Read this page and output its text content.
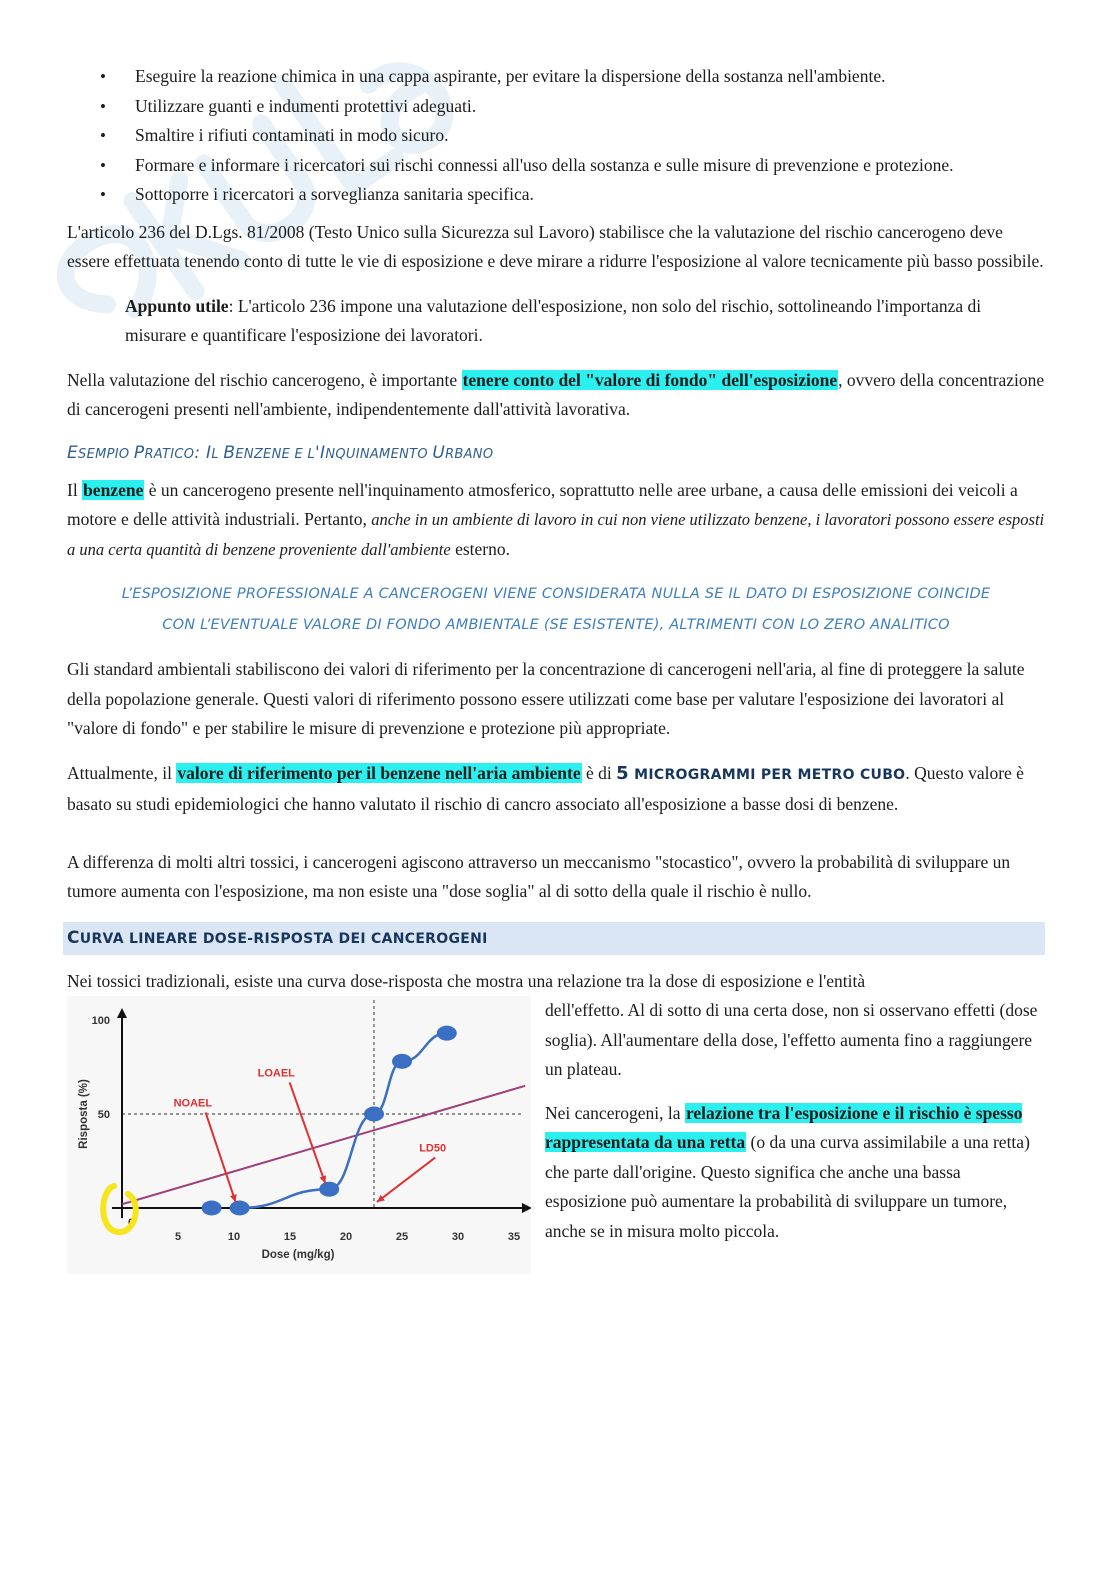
• Eseguire la reazione chimica in una cappa aspirante, per evitare la dispersione della sostanza nell'ambiente.
• Utilizzare guanti e indumenti protettivi adeguati.
• Smaltire i rifiuti contaminati in modo sicuro.
• Formare e informare i ricercatori sui rischi connessi all'uso della sostanza e sulle misure di prevenzione e protezione.
• Sottoporre i ricercatori a sorveglianza sanitaria specifica.

L'articolo 236 del D.Lgs. 81/2008 (Testo Unico sulla Sicurezza sul Lavoro) stabilisce che la valutazione del rischio cancerogeno deve essere effettuata tenendo conto di tutte le vie di esposizione e deve mirare a ridurre l'esposizione al valore tecnicamente più basso possibile.

Appunto utile: L'articolo 236 impone una valutazione dell'esposizione, non solo del rischio, sottolineando l'importanza di misurare e quantificare l'esposizione dei lavoratori.

Nella valutazione del rischio cancerogeno, è importante tenere conto del "valore di fondo" dell'esposizione, ovvero della concentrazione di cancerogeni presenti nell'ambiente, indipendentemente dall'attività lavorativa.

ESEMPIO PRATICO: IL BENZENE E L'INQUINAMENTO URBANO

Il benzene è un cancerogeno presente nell'inquinamento atmosferico, soprattutto nelle aree urbane, a causa delle emissioni dei veicoli a motore e delle attività industriali. Pertanto, anche in un ambiente di lavoro in cui non viene utilizzato benzene, i lavoratori possono essere esposti a una certa quantità di benzene proveniente dall'ambiente esterno.

L’ESPOSIZIONE PROFESSIONALE A CANCEROGENI VIENE CONSIDERATA NULLA SE IL DATO DI ESPOSIZIONE COINCIDE
CON L’EVENTUALE VALORE DI FONDO AMBIENTALE (SE ESISTENTE), ALTRIMENTI CON LO ZERO ANALITICO

Gli standard ambientali stabiliscono dei valori di riferimento per la concentrazione di cancerogeni nell'aria, al fine di proteggere la salute della popolazione generale. Questi valori di riferimento possono essere utilizzati come base per valutare l'esposizione dei lavoratori al "valore di fondo" e per stabilire le misure di prevenzione e protezione più appropriate.

Attualmente, il valore di riferimento per il benzene nell'aria ambiente è di 5 MICROGRAMMI PER METRO CUBO. Questo valore è basato su studi epidemiologici che hanno valutato il rischio di cancro associato all'esposizione a basse dosi di benzene.

A differenza di molti altri tossici, i cancerogeni agiscono attraverso un meccanismo "stocastico", ovvero la probabilità di sviluppare un tumore aumenta con l'esposizione, ma non esiste una "dose soglia" al di sotto della quale il rischio è nullo.

CURVA LINEARE DOSE-RISPOSTA DEI CANCEROGENI
Nei tossici tradizionali, esiste una curva dose-risposta che mostra una relazione tra la dose di esposizione e l'entità
5	10	15	20	25	30	35
100
50
0
NOAEL
LOAEL
LD50
Dose (mg/kg)
Risposta (%)

dell'effetto. Al di sotto di una certa dose, non si osservano effetti (dose soglia). All'aumentare della dose, l'effetto aumenta fino a raggiungere un plateau.

Nei cancerogeni, la relazione tra l'esposizione e il rischio è spesso rappresentata da una retta (o da una curva assimilabile a una retta) che parte dall'origine. Questo significa che anche una bassa esposizione può aumentare la probabilità di sviluppare un tumore, anche se in misura molto piccola.
